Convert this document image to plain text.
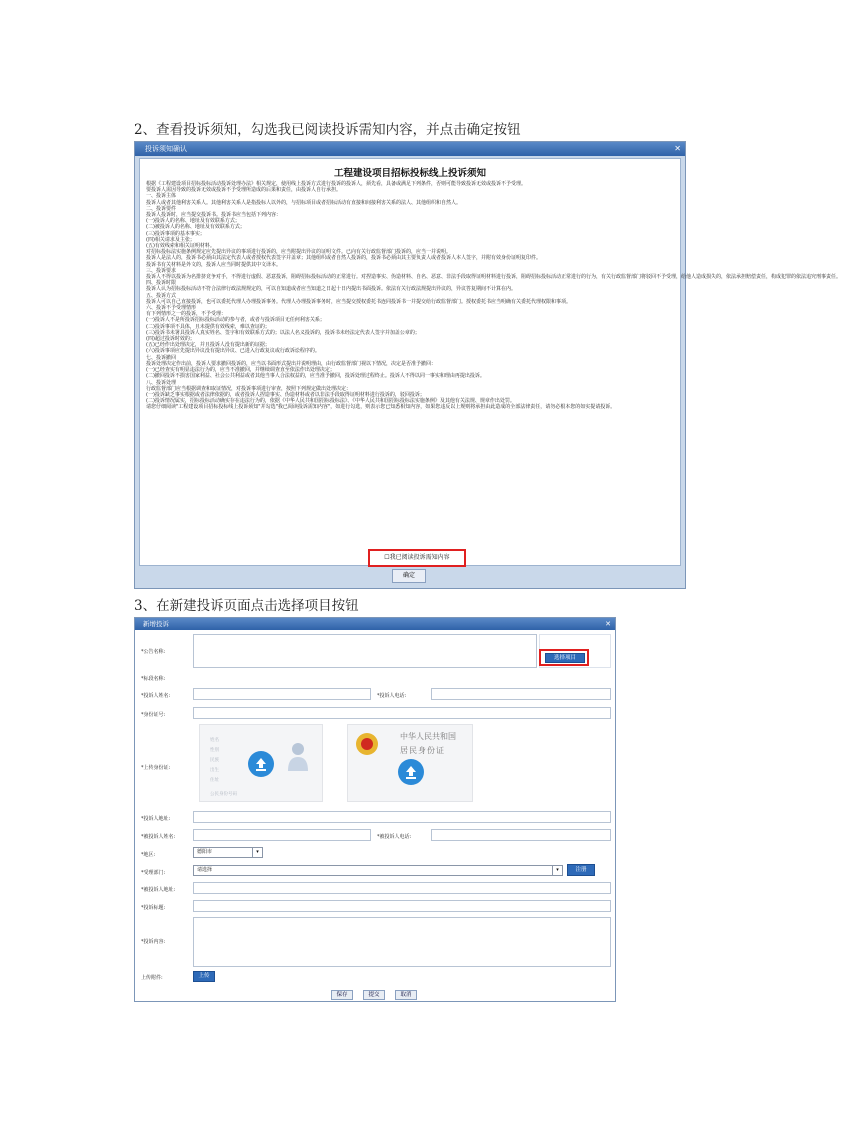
2、查看投诉须知，勾选我已阅读投诉需知内容，并点击确定按钮
投诉须知确认	✕
工程建设项目招标投标线上投诉须知
根据《工程建设项目招标投标活动投诉处理办法》相关规定，使用线上投诉方式进行投诉的投诉人，须先看，具备或满足下列条件，否则可能导致投诉无效或投诉不予受理。
要投诉人需因导致的投诉无效或投诉不予受理所造成的后果和责任，由投诉人自行承担。
一、投诉主体
投诉人或者其他利害关系人。其他利害关系人是指投标人以外的，与招标项目或者招标活动有直接和间接利害关系的法人、其他组织和自然人。
二、投诉要件
投诉人投诉时，应当提交投诉书。投诉书应当包括下列内容：
(一)投诉人的名称、地址及有效联系方式；
(二)被投诉人的名称、地址及有效联系方式；
(三)投诉事项的基本事实；
(四)相关请求及主张；
(五)有效线索和相关证明材料。
对招标投标法实施条例规定应先提出异议的事项进行投诉的，应当附提出异议的证明文件。已向有关行政监督部门投诉的，应当一并说明。
投诉人是法人的，投诉书必须由其法定代表人或者授权代表签字并盖章；其他组织或者自然人投诉的，投诉书必须由其主要负责人或者投诉人本人签字，并附有效身份证明复印件。
投诉书有关材料是外文的，投诉人应当同时提供其中文译本。
三、投诉要求
投诉人不得以投诉为名排挤竞争对手，不得进行虚假、恶意投诉，阻碍招标投标活动的正常进行。对捏造事实、伪造材料、自名、恶意、非法手段取得证明材料进行投诉，阻碍招标投标活动正常进行的行为，有关行政监督部门将驳回不予受理，给他人造成损失的，依法承担赔偿责任，构成犯罪的依法追究刑事责任。
四、投诉时限
投诉人认为招标投标活动不符合法律行政法规规定的，可以自知道或者应当知道之日起十日内提出书面投诉。依法有关行政法规提出异议的，异议答复期间不计算在内。
五、投诉方式
投诉人可以自己直接投诉，也可以委托代理人办理投诉事务。代理人办理投诉事务时，应当提交授权委托书连同投诉书一并提交给行政监督部门。授权委托书应当明确有关委托代理权限和事项。
六、投诉不予受理情形
有下列情形之一的投诉，不予受理：
(一)投诉人不是所投诉招标投标活动的参与者，或者与投诉项目无任何利害关系；
(二)投诉事项不具体，且未提供有效线索，难以查证的；
(三)投诉书未署具投诉人真实姓名、签字和有效联系方式的；以法人名义投诉的，投诉书未经法定代表人签字并加盖公章的；
(四)超过投诉时效的；
(五)已经作出处理决定，并且投诉人没有提出新的证据；
(六)投诉事项应先提出异议没有提出异议、已进入行政复议或行政诉讼程序的。
七、投诉撤回
投诉处理决定作出前，投诉人要求撤回投诉的，应当以书面形式提出并说明理由，由行政监督部门视以下情况，决定是否准予撤回：
(一)已经查实有明显违法行为的，应当不准撤回，并继续调查直至依法作出处理决定；
(二)撤回投诉不损害国家利益、社会公共利益或者其他当事人合法权益的，应当准予撤回，投诉处理过程终止。投诉人不得以同一事实和理由再提出投诉。
八、投诉处理
行政监督部门应当根据调查和取证情况，对投诉事项进行审查，按照下列规定做出处理决定：
(一)投诉缺乏事实根据或者法律依据的，或者投诉人捏造事实、伪造材料或者以非法手段取得证明材料进行投诉的，驳回投诉；
(二)投诉情况属实，招标投标活动确实存在违法行为的，依据《中华人民共和国招标投标法》、《中华人民共和国招标投标法实施条例》及其他有关法规、规章作出处罚。
请您仔细阅读"工程建设项目招标投标线上投诉须知"并勾选"我已阅读投诉需知内容"，如进行勾选，则表示您已知悉相知内容，如果您违反以上规则将承担由此造成的全部法律责任，请勿必根本您的如实提请投诉。
☐我已阅读投诉需知内容
确定
3、在新建投诉页面点击选择项目按钮
新增投诉	✕
*公告名称:
选择项目
*标段名称:
*投诉人姓名:	*投诉人电话:
*身份证号:
*上传身份证:
姓名
性别
民族
出生
住址
公民身份号码
中华人民共和国
居民身份证
*投诉人地址:
*被投诉人姓名:	*被投诉人电话:
*地区:	德阳市	▾
*受理部门:	请选择	▾	注册
*被投诉人地址:
*投诉标题:
*投诉内容:
上传附件:	上传
保存	提交	取消
